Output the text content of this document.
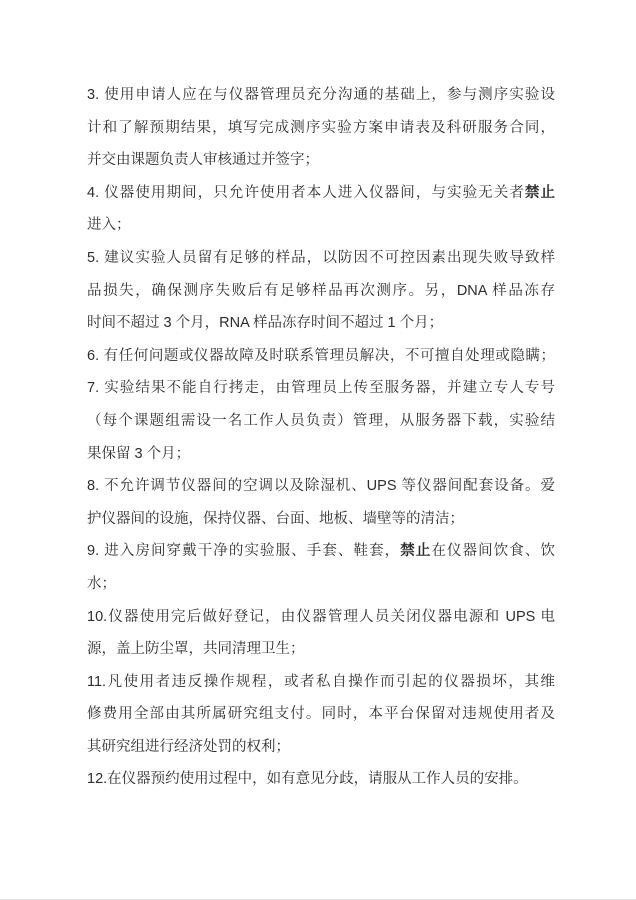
3. 使用申请人应在与仪器管理员充分沟通的基础上，参与测序实验设
计和了解预期结果，填写完成测序实验方案申请表及科研服务合同，
并交由课题负责人审核通过并签字；
4. 仪器使用期间，只允许使用者本人进入仪器间，与实验无关者禁止
进入；
5. 建议实验人员留有足够的样品，以防因不可控因素出现失败导致样
品损失，确保测序失败后有足够样品再次测序。另，DNA 样品冻存
时间不超过 3 个月，RNA 样品冻存时间不超过 1 个月；
6. 有任何问题或仪器故障及时联系管理员解决，不可擅自处理或隐瞒；
7. 实验结果不能自行拷走，由管理员上传至服务器，并建立专人专号
（每个课题组需设一名工作人员负责）管理，从服务器下载，实验结
果保留 3 个月；
8. 不允许调节仪器间的空调以及除湿机、UPS 等仪器间配套设备。爱
护仪器间的设施，保持仪器、台面、地板、墙壁等的清洁；
9. 进入房间穿戴干净的实验服、手套、鞋套，禁止在仪器间饮食、饮
水；
10.仪器使用完后做好登记，由仪器管理人员关闭仪器电源和 UPS 电
源，盖上防尘罩，共同清理卫生；
11.凡使用者违反操作规程，或者私自操作而引起的仪器损坏，其维
修费用全部由其所属研究组支付。同时，本平台保留对违规使用者及
其研究组进行经济处罚的权利；
12.在仪器预约使用过程中，如有意见分歧，请服从工作人员的安排。
